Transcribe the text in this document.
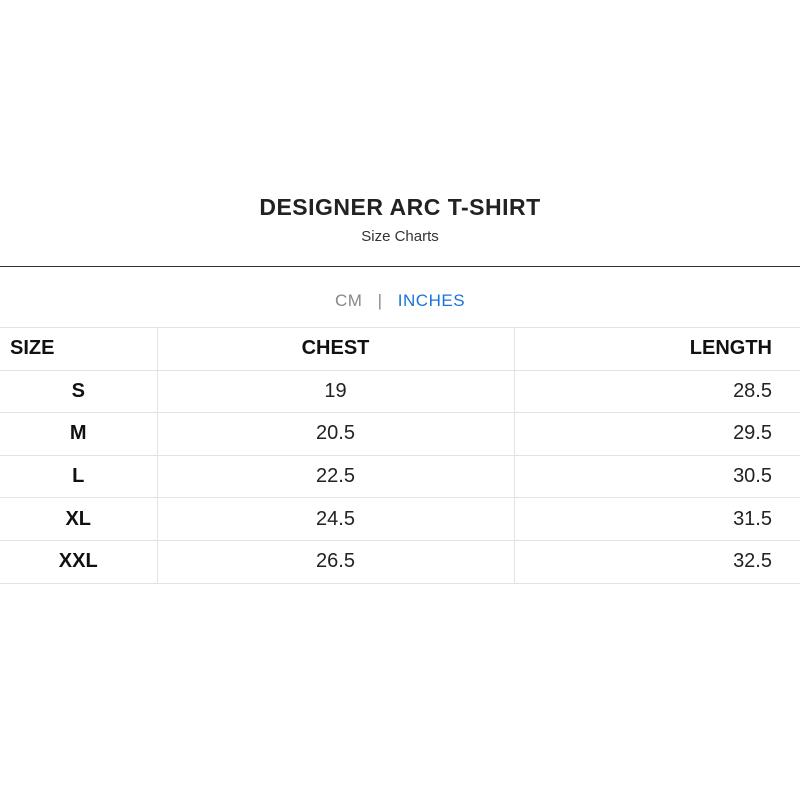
DESIGNER ARC T-SHIRT
Size Charts
CM | INCHES
SIZE	CHEST	LENGTH
S	19	28.5
M	20.5	29.5
L	22.5	30.5
XL	24.5	31.5
XXL	26.5	32.5
